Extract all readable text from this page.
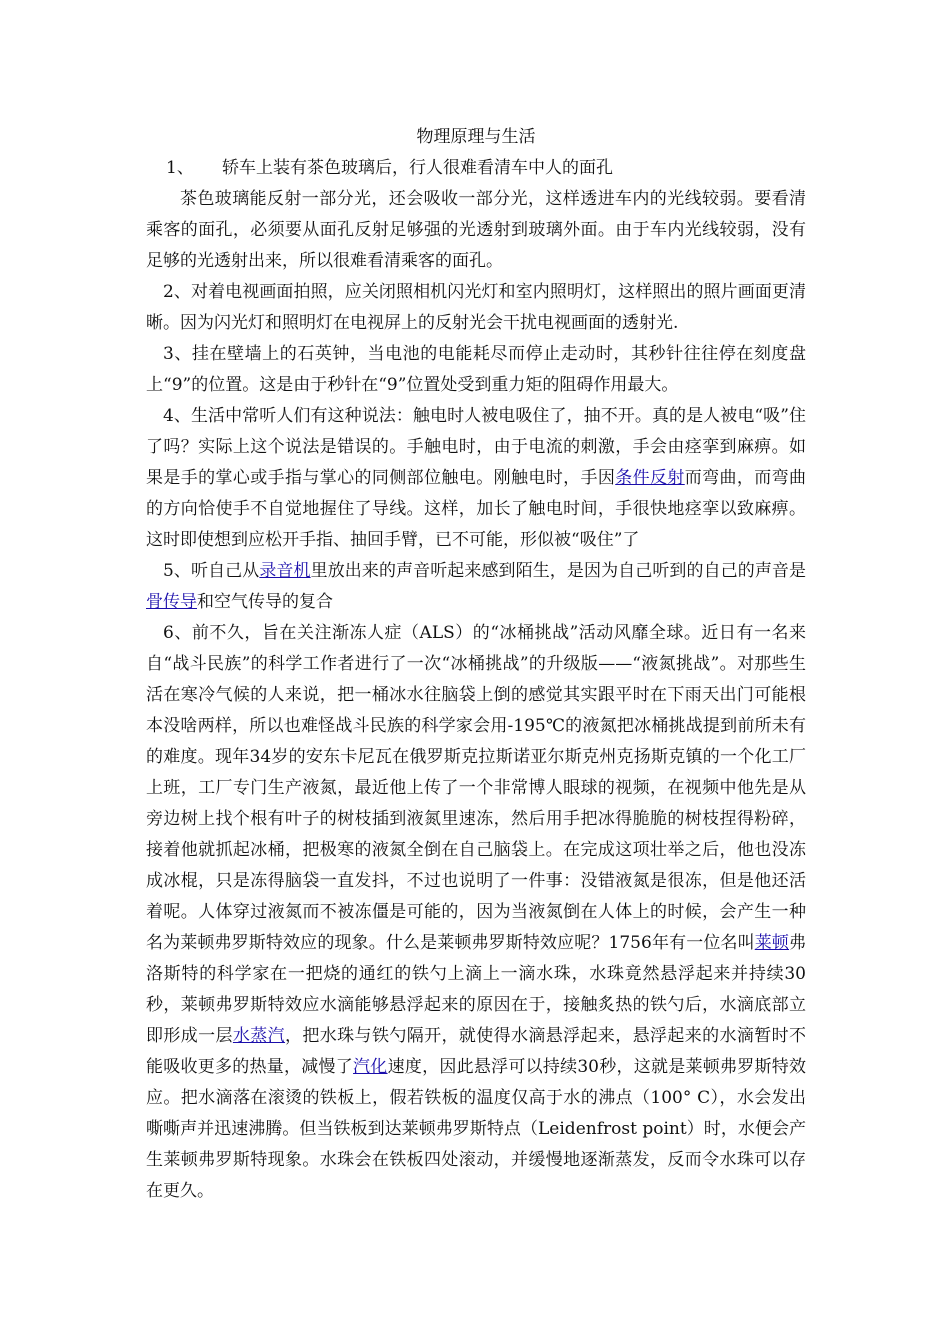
物理原理与生活

1、 轿车上装有茶色玻璃后，行人很难看清车中人的面孔

茶色玻璃能反射一部分光，还会吸收一部分光，这样透进车内的光线较弱。要看清乘客的面孔，必须要从面孔反射足够强的光透射到玻璃外面。由于车内光线较弱，没有足够的光透射出来，所以很难看清乘客的面孔。

2、对着电视画面拍照，应关闭照相机闪光灯和室内照明灯，这样照出的照片画面更清晰。因为闪光灯和照明灯在电视屏上的反射光会干扰电视画面的透射光.

3、挂在壁墙上的石英钟，当电池的电能耗尽而停止走动时，其秒针往往停在刻度盘上“9”的位置。这是由于秒针在“9”位置处受到重力矩的阻碍作用最大。

4、生活中常听人们有这种说法：触电时人被电吸住了，抽不开。真的是人被电“吸”住了吗？实际上这个说法是错误的。手触电时，由于电流的刺激，手会由痉挛到麻痹。如果是手的掌心或手指与掌心的同侧部位触电。刚触电时，手因条件反射而弯曲，而弯曲的方向恰使手不自觉地握住了导线。这样，加长了触电时间，手很快地痉挛以致麻痹。这时即使想到应松开手指、抽回手臂，已不可能，形似被“吸住”了

5、听自己从录音机里放出来的声音听起来感到陌生，是因为自己听到的自己的声音是骨传导和空气传导的复合

6、前不久，旨在关注渐冻人症（ALS）的“冰桶挑战”活动风靡全球。近日有一名来自“战斗民族”的科学工作者进行了一次“冰桶挑战”的升级版——“液氮挑战”。对那些生活在寒冷气候的人来说，把一桶冰水往脑袋上倒的感觉其实跟平时在下雨天出门可能根本没啥两样，所以也难怪战斗民族的科学家会用-195℃的液氮把冰桶挑战提到前所未有的难度。现年34岁的安东卡尼瓦在俄罗斯克拉斯诺亚尔斯克州克扬斯克镇的一个化工厂上班，工厂专门生产液氮，最近他上传了一个非常博人眼球的视频，在视频中他先是从旁边树上找个根有叶子的树枝插到液氮里速冻，然后用手把冰得脆脆的树枝捏得粉碎，接着他就抓起冰桶，把极寒的液氮全倒在自己脑袋上。在完成这项壮举之后，他也没冻成冰棍，只是冻得脑袋一直发抖，不过也说明了一件事：没错液氮是很冻，但是他还活着呢。人体穿过液氮而不被冻僵是可能的，因为当液氮倒在人体上的时候，会产生一种名为莱顿弗罗斯特效应的现象。什么是莱顿弗罗斯特效应呢？1756年有一位名叫莱顿弗洛斯特的科学家在一把烧的通红的铁勺上滴上一滴水珠，水珠竟然悬浮起来并持续30秒，莱顿弗罗斯特效应水滴能够悬浮起来的原因在于，接触炙热的铁勺后，水滴底部立即形成一层水蒸汽，把水珠与铁勺隔开，就使得水滴悬浮起来，悬浮起来的水滴暂时不能吸收更多的热量，减慢了汽化速度，因此悬浮可以持续30秒，这就是莱顿弗罗斯特效应。把水滴落在滚烫的铁板上，假若铁板的温度仅高于水的沸点（100° C），水会发出嘶嘶声并迅速沸腾。但当铁板到达莱顿弗罗斯特点（Leidenfrost point）时，水便会产生莱顿弗罗斯特现象。水珠会在铁板四处滚动，并缓慢地逐渐蒸发，反而令水珠可以存在更久。
